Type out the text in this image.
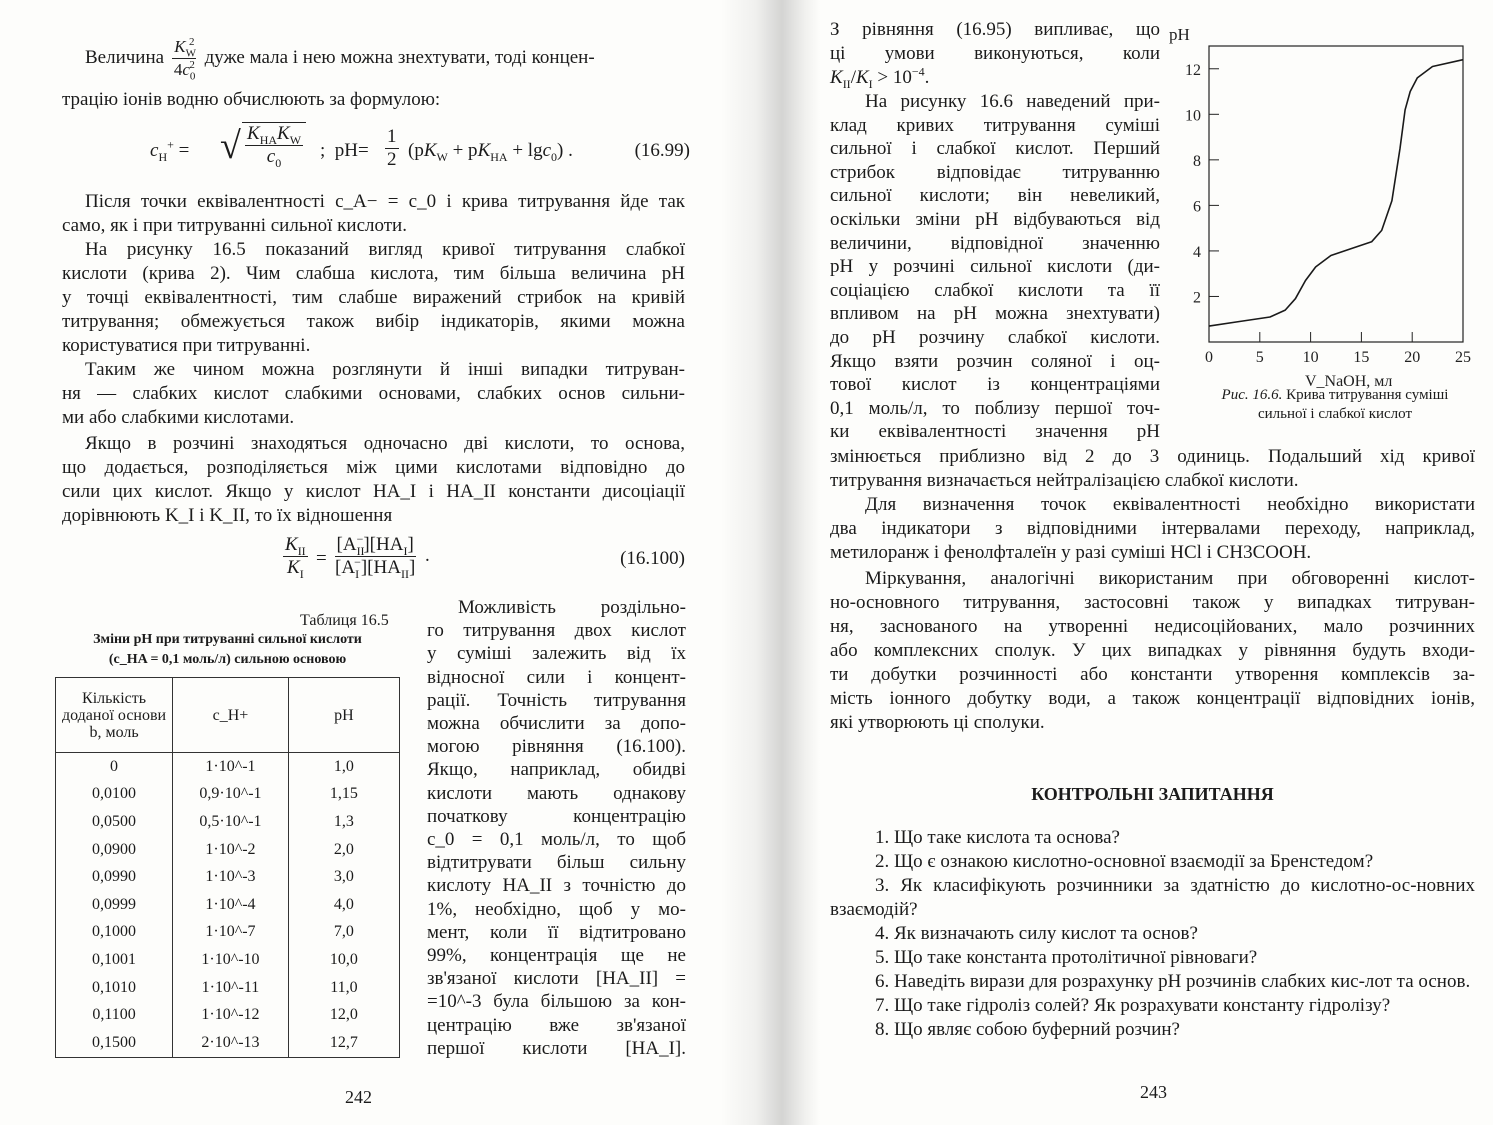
Величина $\frac{K_W^2}{4c_0^2}$ дуже мала і нею можна знехтувати, тоді концен-
трацію іонів водню обчислюють за формулою:
$c_H^+$ = √ $\frac{K_{HA}K_W}{c_0}$ ;  $pH= \frac{1}{2} (pK_W + pK_{HA} + \lg c_0)$ .	(16.99)
Після точки еквівалентності c_A− = c_0 і крива титрування йде так
само, як і при титруванні сильної кислоти.
На рисунку 16.5 показаний вигляд кривої титрування слабкої
кислоти (крива 2). Чим слабша кислота, тим більша величина pH
у точці еквівалентності, тим слабше виражений стрибок на кривій
титрування; обмежується також вибір індикаторів, якими можна
користуватися при титруванні.
Таким же чином можна розглянути й інші випадки титруван-
ня — слабких кислот слабкими основами, слабких основ сильни-
ми або слабкими кислотами.
Якщо в розчині знаходяться одночасно дві кислоти, то основа,
що додається, розподіляється між цими кислотами відповідно до
сили цих кислот. Якщо у кислот HA_I і HA_II константи дисоціації
дорівнюють K_I і K_II, то їх відношення
$\frac{K_{II}}{K_I} = \frac{[A_{II}^-][HA_I]}{[A_I^-][HA_{II}]}$ .	(16.100)
Таблиця 16.5
Зміни pH при титруванні сильної кислоти
(c_HA = 0,1 моль/л) сильною основою
Кількість доданої основи b, моль	c_H+	pH
0	1·10^-1	1,0
0,0100	0,9·10^-1	1,15
0,0500	0,5·10^-1	1,3
0,0900	1·10^-2	2,0
0,0990	1·10^-3	3,0
0,0999	1·10^-4	4,0
0,1000	1·10^-7	7,0
0,1001	1·10^-10	10,0
0,1010	1·10^-11	11,0
0,1100	1·10^-12	12,0
0,1500	2·10^-13	12,7
Можливість роздільно-
го титрування двох кислот
у суміші залежить від їх
відносної сили і концент-
рації. Точність титрування
можна обчислити за допо-
могою рівняння (16.100).
Якщо, наприклад, обидві
кислоти мають однакову
початкову концентрацію
c_0 = 0,1 моль/л, то щоб
відтитрувати більш сильну
кислоту HA_II з точністю до
1%, необхідно, щоб у мо-
мент, коли її відтитровано
99%, концентрація ще не
зв'язаної кислоти [HA_II] =
=10^-3 була більшою за кон-
центрацію вже зв'язаної
першої кислоти [HA_I].
242
З рівняння (16.95) випливає, що
ці умови виконуються, коли
$K_{II}/K_I > 10^{-4}$.
На рисунку 16.6 наведений при-
клад кривих титрування суміші
сильної і слабкої кислот. Перший
стрибок відповідає титруванню
сильної кислоти; він невеликий,
оскільки зміни pH відбуваються від
величини, відповідної значенню
pH у розчині сильної кислоти (ди-
соціацією слабкої кислоти та її
впливом на pH можна знехтувати)
до pH розчину слабкої кислоти.
Якщо взяти розчин соляної і оц-
тової кислот із концентраціями
0,1 моль/л, то поблизу першої точ-
ки еквівалентності значення pH
змінюється приблизно від 2 до 3 одиниць. Подальший хід кривої
титрування визначається нейтралізацією слабкої кислоти.
Для визначення точок еквівалентності необхідно використати
два індикатори з відповідними інтервалами переходу, наприклад,
метилоранж і фенолфталеїн у разі суміші HCl і CH3COOH.
Міркування, аналогічні використаним при обговоренні кислот-
но-основного титрування, застосовні також у випадках титруван-
ня, заснованого на утворенні недисоційованих, мало розчинних
або комплексних сполук. У цих випадках у рівняння будуть входи-
ти добутки розчинності або константи утворення комплексів за-
міcть іонного добутку води, а також концентрації відповідних іонів,
які утворюють ці сполуки.
КОНТРОЛЬНІ ЗАПИТАННЯ
1. Що таке кислота та основа?
2. Що є ознакою кислотно-основної взаємодії за Бренстедом?
3. Як класифікують розчинники за здатністю до кислотно-ос-новних взаємодій?
4. Як визначають силу кислот та основ?
5. Що таке константа протолітичної рівноваги?
6. Наведіть вирази для розрахунку pH розчинів слабких кис-лот та основ.
7. Що таке гідроліз солей? Як розрахувати константу гідролізу?
8. Що являє собою буферний розчин?
2
4
6
8
10
12
0	5 10 15 20 25
pH
V_NaOH, мл
Рис. 16.6. Крива титрування суміші
сильної і слабкої кислот
243
